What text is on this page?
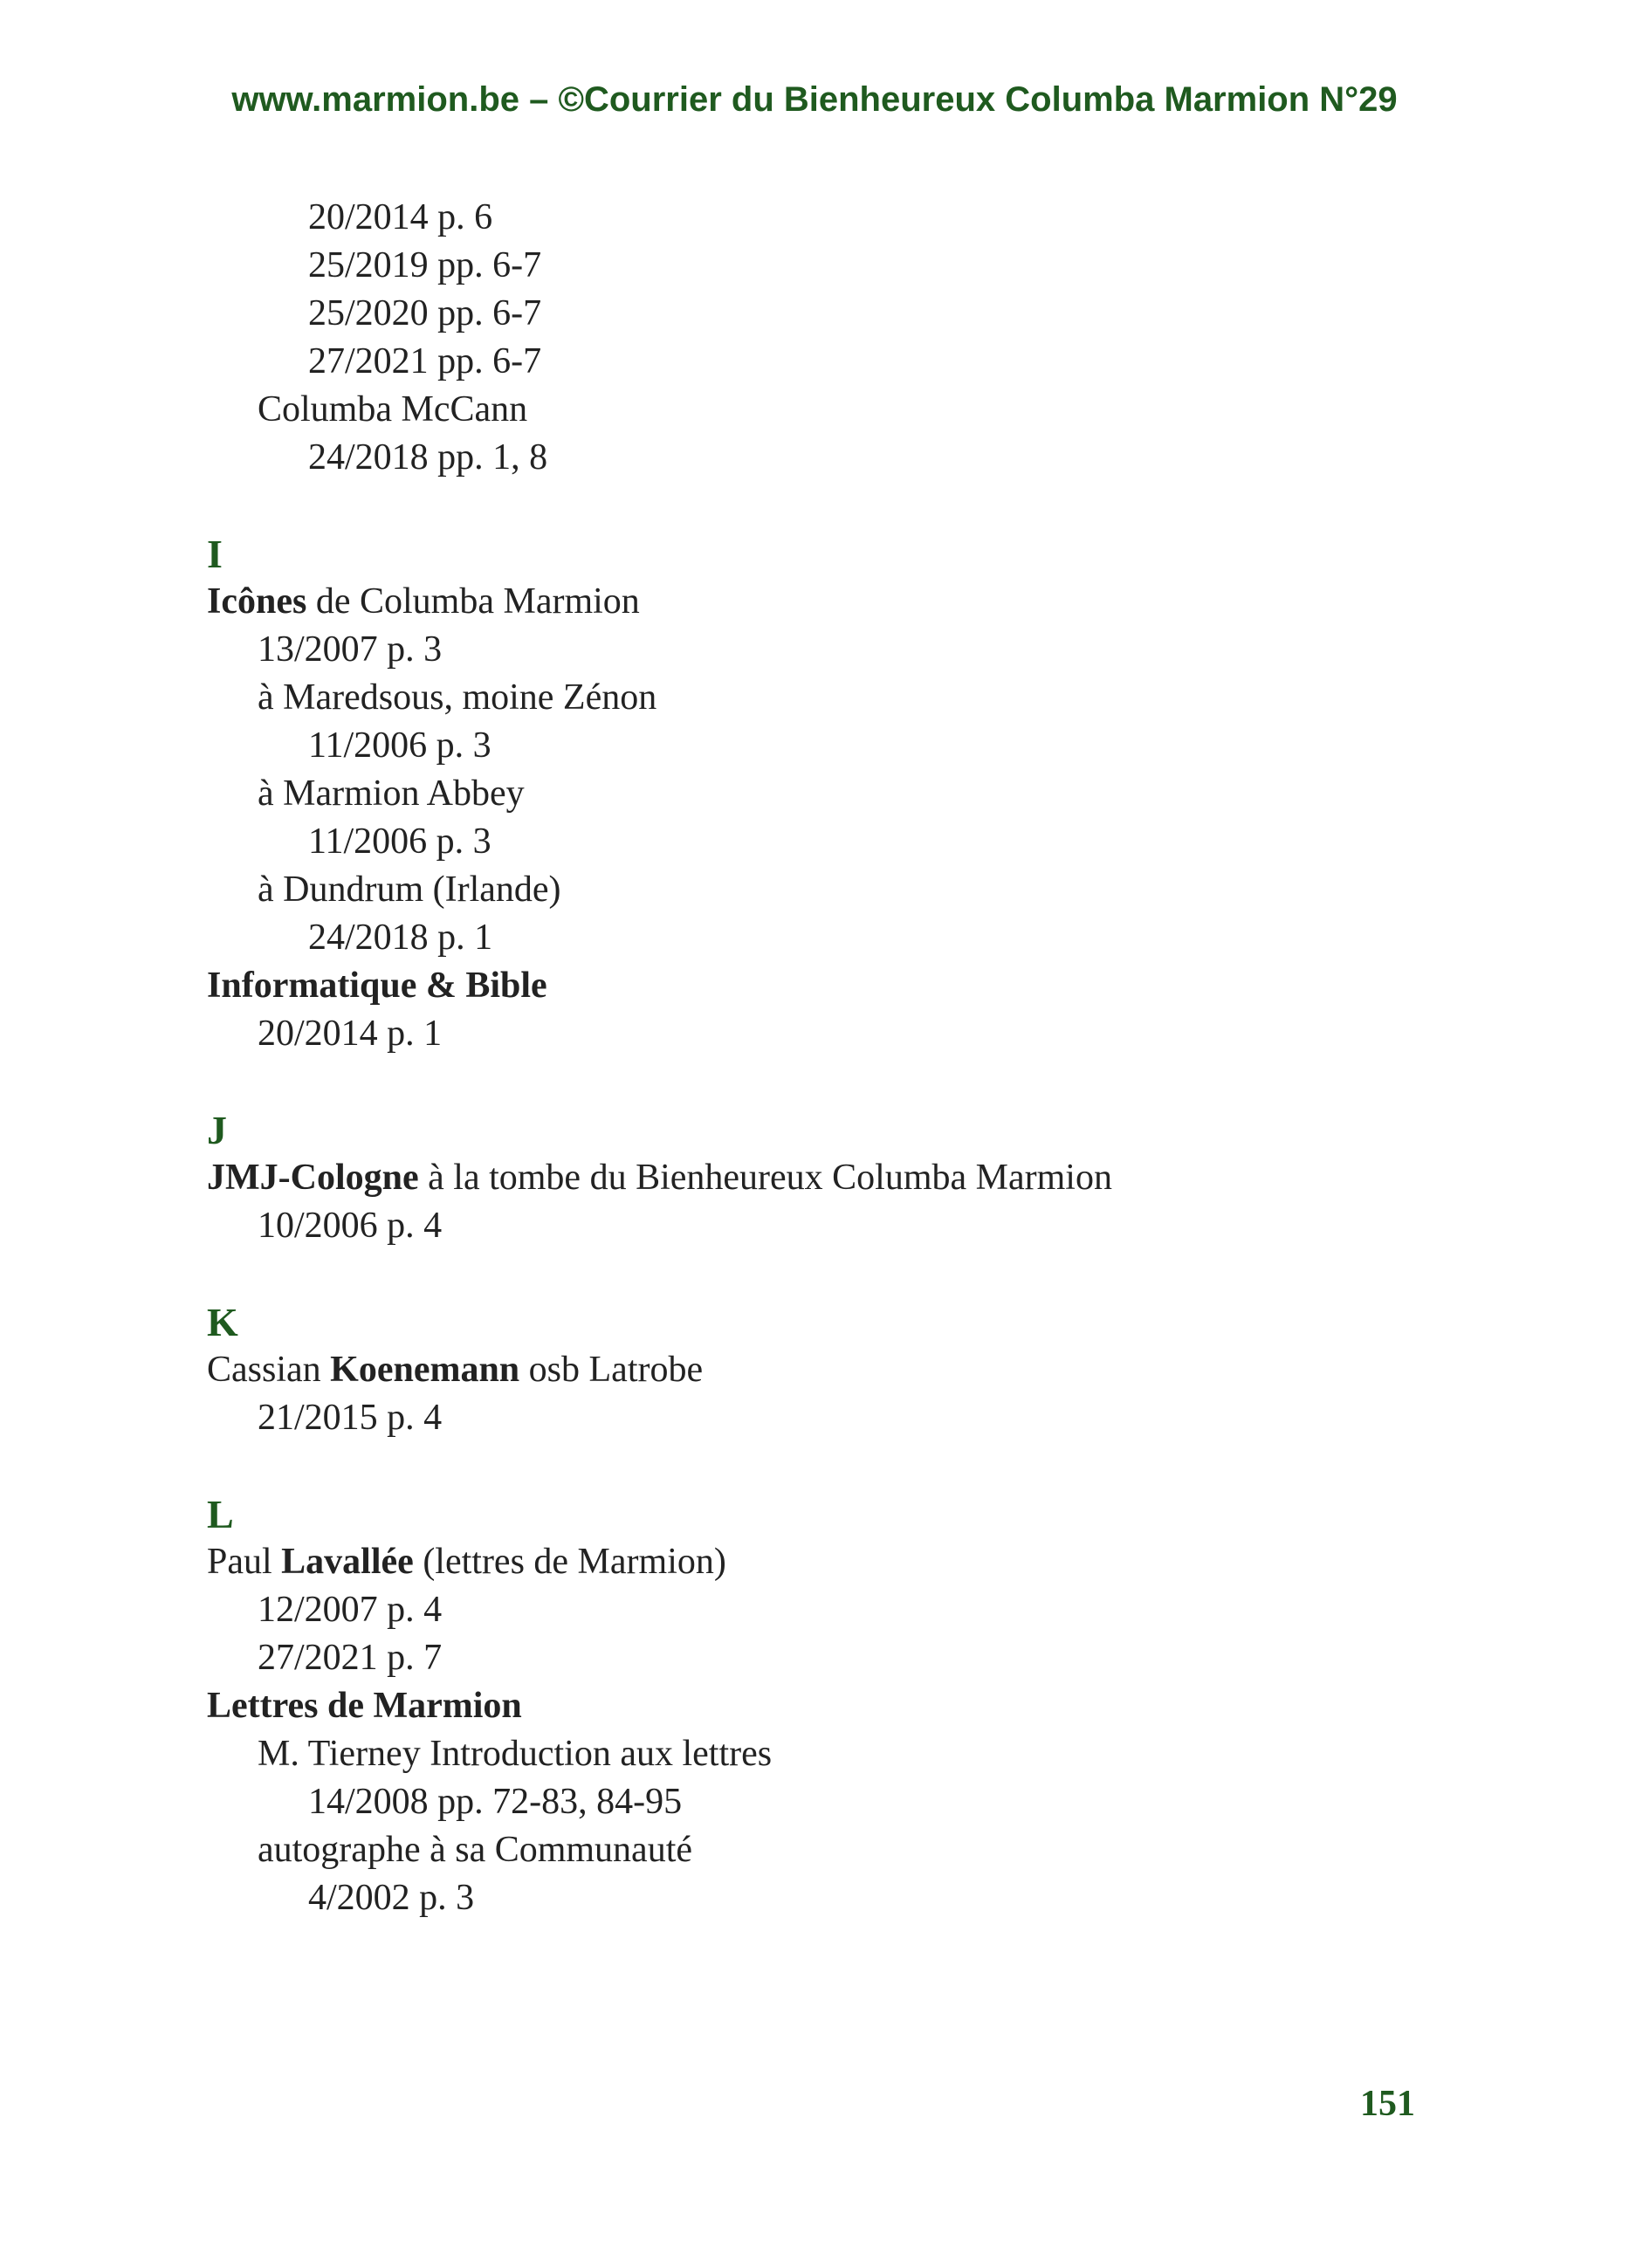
www.marmion.be – ©Courrier du Bienheureux Columba Marmion N°29
20/2014 p. 6
25/2019 pp. 6-7
25/2020 pp. 6-7
27/2021 pp. 6-7
Columba McCann
24/2018 pp. 1, 8
I
Icônes de Columba Marmion
13/2007 p. 3
à Maredsous, moine Zénon
11/2006 p. 3
à Marmion Abbey
11/2006 p. 3
à Dundrum (Irlande)
24/2018 p. 1
Informatique & Bible
20/2014 p. 1
J
JMJ-Cologne à la tombe du Bienheureux Columba Marmion
10/2006 p. 4
K
Cassian Koenemann osb Latrobe
21/2015 p. 4
L
Paul Lavallée (lettres de Marmion)
12/2007 p. 4
27/2021 p. 7
Lettres de Marmion
M. Tierney Introduction aux lettres
14/2008 pp. 72-83, 84-95
autographe à sa Communauté
4/2002 p. 3
151
